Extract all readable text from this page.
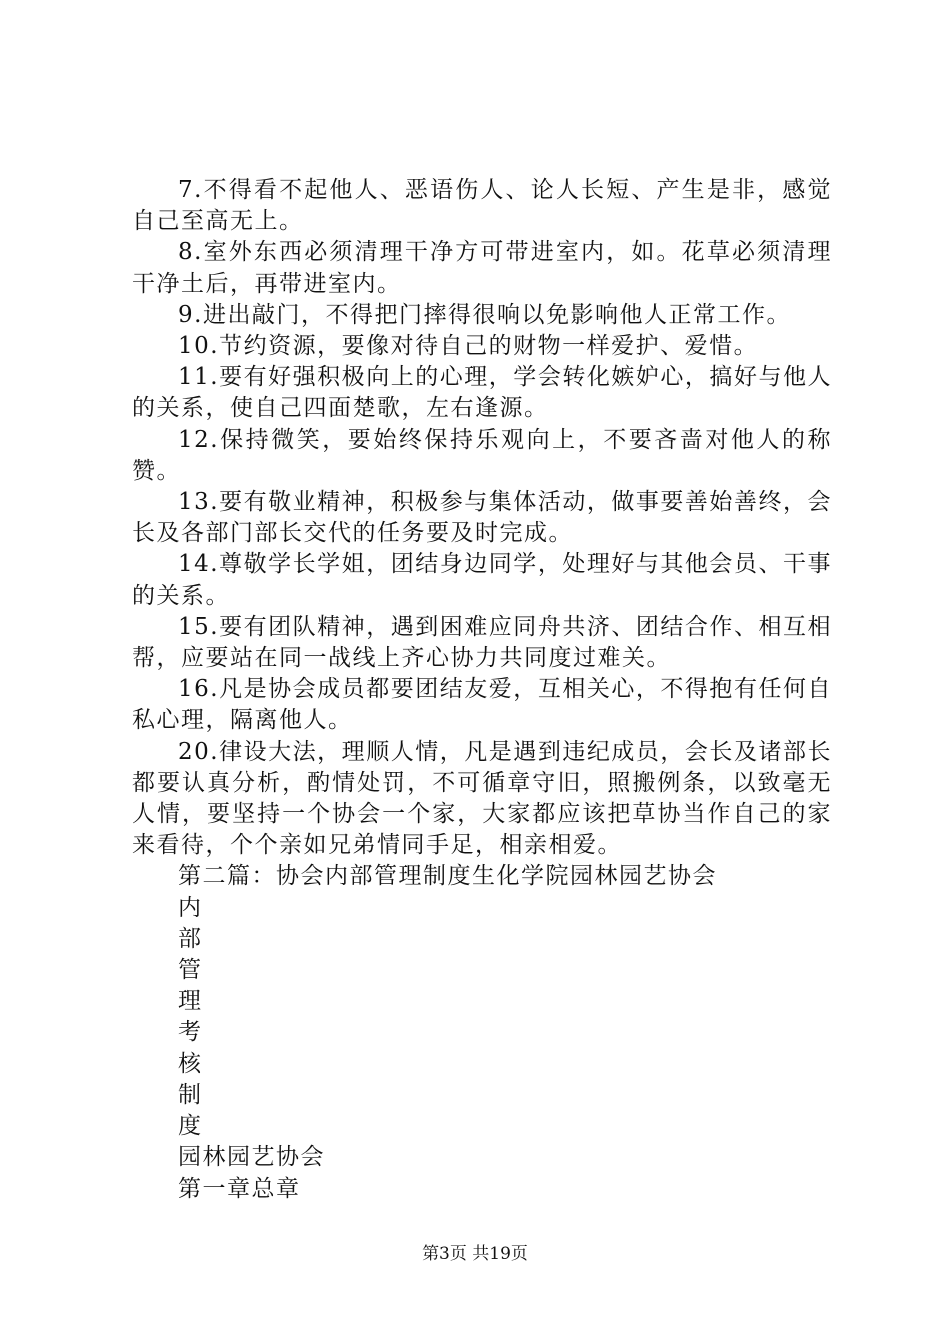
7.不得看不起他人、恶语伤人、论人长短、产生是非，感觉自己至高无上。

8.室外东西必须清理干净方可带进室内，如。花草必须清理干净土后，再带进室内。

9.进出敲门，不得把门摔得很响以免影响他人正常工作。

10.节约资源，要像对待自己的财物一样爱护、爱惜。

11.要有好强积极向上的心理，学会转化嫉妒心，搞好与他人的关系，使自己四面楚歌，左右逢源。

12.保持微笑，要始终保持乐观向上，不要吝啬对他人的称赞。

13.要有敬业精神，积极参与集体活动，做事要善始善终，会长及各部门部长交代的任务要及时完成。

14.尊敬学长学姐，团结身边同学，处理好与其他会员、干事的关系。

15.要有团队精神，遇到困难应同舟共济、团结合作、相互相帮，应要站在同一战线上齐心协力共同度过难关。

16.凡是协会成员都要团结友爱，互相关心，不得抱有任何自私心理，隔离他人。

20.律设大法，理顺人情，凡是遇到违纪成员，会长及诸部长都要认真分析，酌情处罚，不可循章守旧，照搬例条，以致毫无人情，要坚持一个协会一个家，大家都应该把草协当作自己的家来看待，个个亲如兄弟情同手足，相亲相爱。

第二篇：协会内部管理制度生化学院园林园艺协会

内

部

管

理

考

核

制

度

园林园艺协会

第一章总章

第3页 共19页
